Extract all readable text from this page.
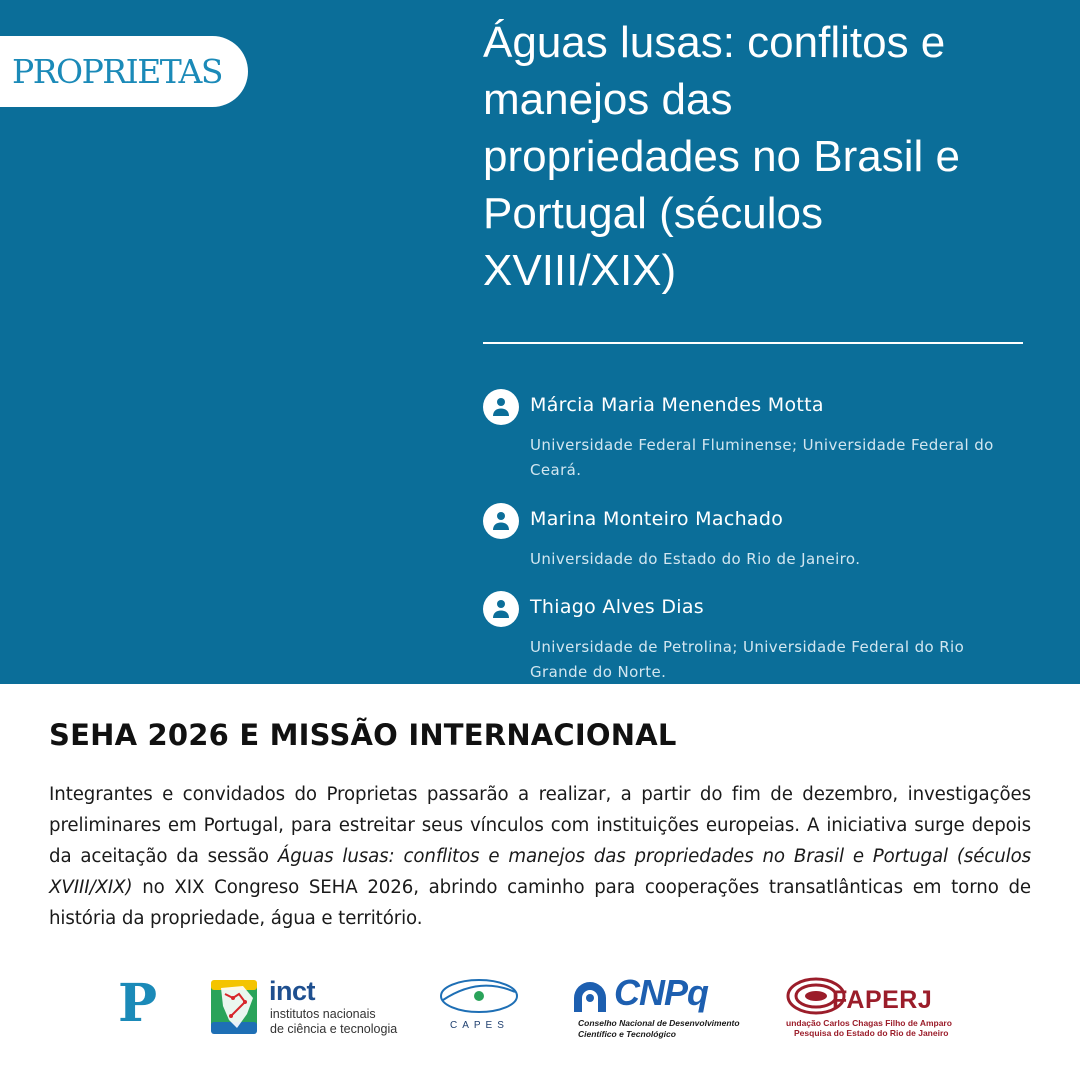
PROPRIETAS
Águas lusas: conflitos e
manejos das
propriedades no Brasil e
Portugal (séculos
XVIII/XIX)
Márcia Maria Menendes Motta
Universidade Federal Fluminense; Universidade Federal do
Ceará.
Marina Monteiro Machado
Universidade do Estado do Rio de Janeiro.
Thiago Alves Dias
Universidade de Petrolina; Universidade Federal do Rio
Grande do Norte.
SEHA 2026 E MISSÃO INTERNACIONAL

Integrantes e convidados do Proprietas passarão a realizar, a partir do fim de dezembro, investigações preliminares em Portugal, para estreitar seus vínculos com instituições europeias. A iniciativa surge depois da aceitação da sessão Águas lusas: conflitos e manejos das propriedades no Brasil e Portugal (séculos XVIII/XIX) no XIX Congreso SEHA 2026, abrindo caminho para cooperações transatlânticas em torno de história da propriedade, água e território.

P	inct
institutos nacionais
de ciência e tecnologia	CAPES
CNPq
Conselho Nacional de Desenvolvimento
Científico e Tecnológico
FAPERJ
undação Carlos Chagas Filho de Amparo
Pesquisa do Estado do Rio de Janeiro
